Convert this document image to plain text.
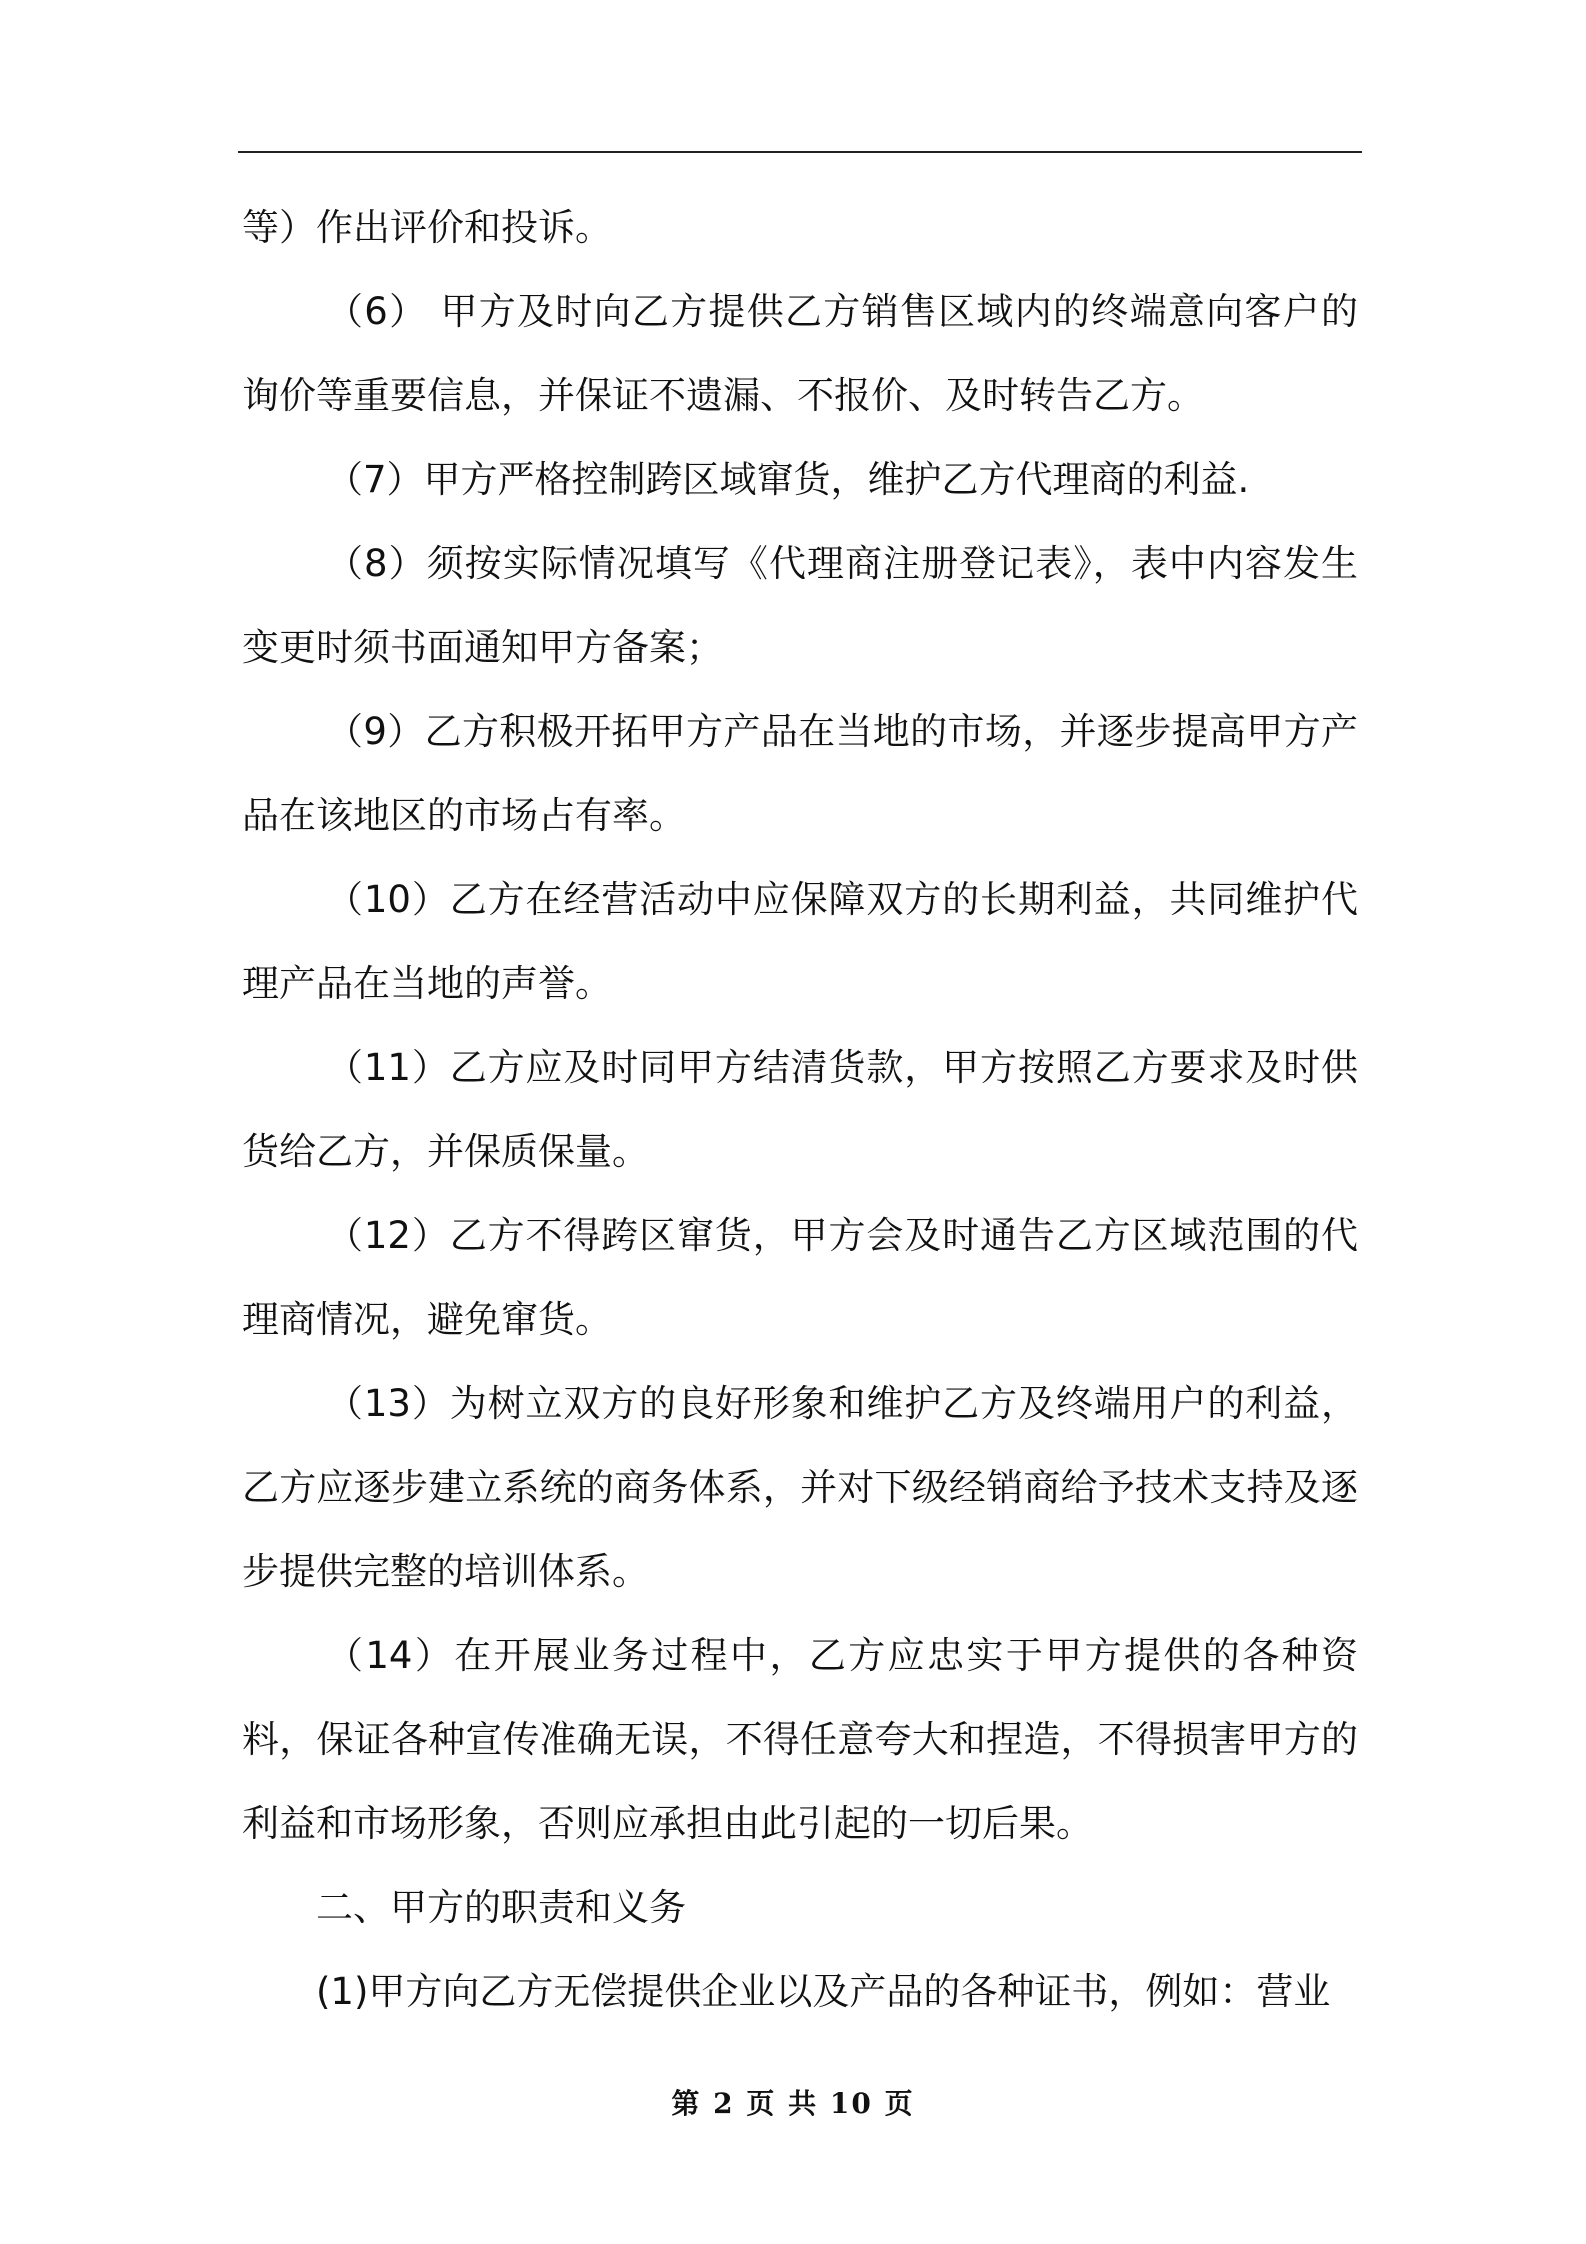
等）作出评价和投诉。

（6） 甲方及时向乙方提供乙方销售区域内的终端意向客户的询价等重要信息，并保证不遗漏、不报价、及时转告乙方。

（7）甲方严格控制跨区域窜货，维护乙方代理商的利益.

（8）须按实际情况填写《代理商注册登记表》，表中内容发生变更时须书面通知甲方备案；

（9）乙方积极开拓甲方产品在当地的市场，并逐步提高甲方产品在该地区的市场占有率。

（10）乙方在经营活动中应保障双方的长期利益，共同维护代理产品在当地的声誉。

（11）乙方应及时同甲方结清货款，甲方按照乙方要求及时供货给乙方，并保质保量。

（12）乙方不得跨区窜货，甲方会及时通告乙方区域范围的代理商情况，避免窜货。

（13）为树立双方的良好形象和维护乙方及终端用户的利益，乙方应逐步建立系统的商务体系，并对下级经销商给予技术支持及逐步提供完整的培训体系。

（14）在开展业务过程中，乙方应忠实于甲方提供的各种资料，保证各种宣传准确无误，不得任意夸大和捏造，不得损害甲方的利益和市场形象，否则应承担由此引起的一切后果。

二、甲方的职责和义务

(1)甲方向乙方无偿提供企业以及产品的各种证书，例如：营业

第 2 页 共 10 页
